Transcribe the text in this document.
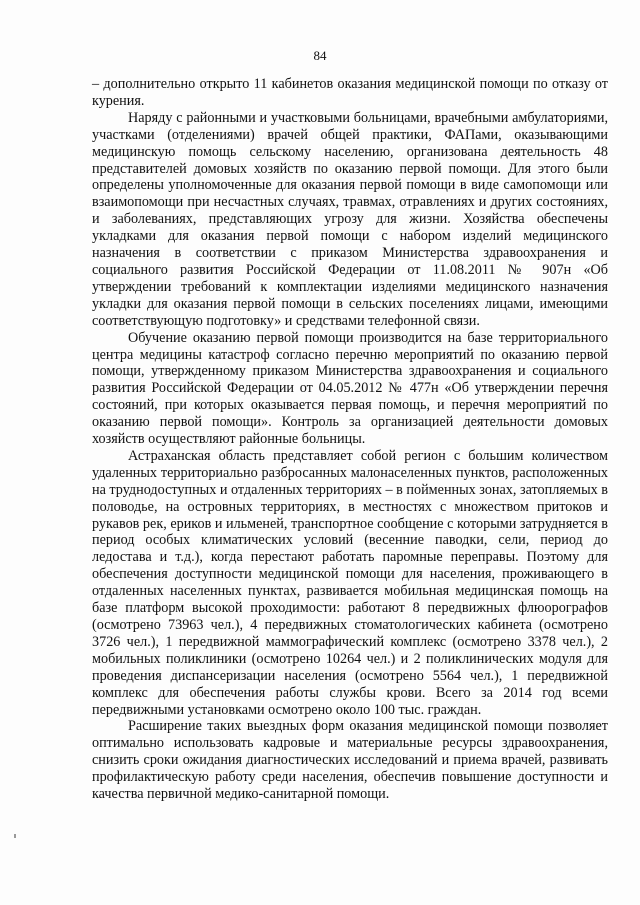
84

– дополнительно открыто 11 кабинетов оказания медицинской помощи по отказу от курения.

Наряду с районными и участковыми больницами, врачебными амбулаториями, участками (отделениями) врачей общей практики, ФАПами, оказывающими медицинскую помощь сельскому населению, организована деятельность 48 представителей домовых хозяйств по оказанию первой помощи. Для этого были определены уполномоченные для оказания первой помощи в виде самопомощи или взаимопомощи при несчастных случаях, травмах, отравлениях и других состояниях, и заболеваниях, представляющих угрозу для жизни. Хозяйства обеспечены укладками для оказания первой помощи с набором изделий медицинского назначения в соответствии с приказом Министерства здравоохранения и социального развития Российской Федерации от 11.08.2011 № 907н «Об утверждении требований к комплектации изделиями медицинского назначения укладки для оказания первой помощи в сельских поселениях лицами, имеющими соответствующую подготовку» и средствами телефонной связи.

Обучение оказанию первой помощи производится на базе территориального центра медицины катастроф согласно перечню мероприятий по оказанию первой помощи, утвержденному приказом Министерства здравоохранения и социального развития Российской Федерации от 04.05.2012 № 477н «Об утверждении перечня состояний, при которых оказывается первая помощь, и перечня мероприятий по оказанию первой помощи». Контроль за организацией деятельности домовых хозяйств осуществляют районные больницы.

Астраханская область представляет собой регион с большим количеством удаленных территориально разбросанных малонаселенных пунктов, расположенных на труднодоступных и отдаленных территориях – в пойменных зонах, затопляемых в половодье, на островных территориях, в местностях с множеством притоков и рукавов рек, ериков и ильменей, транспортное сообщение с которыми затрудняется в период особых климатических условий (весенние паводки, сели, период до ледостава и т.д.), когда перестают работать паромные переправы. Поэтому для обеспечения доступности медицинской помощи для населения, проживающего в отдаленных населенных пунктах, развивается мобильная медицинская помощь на базе платформ высокой проходимости: работают 8 передвижных флюорографов (осмотрено 73963 чел.), 4 передвижных стоматологических кабинета (осмотрено 3726 чел.), 1 передвижной маммографический комплекс (осмотрено 3378 чел.), 2 мобильных поликлиники (осмотрено 10264 чел.) и 2 поликлинических модуля для проведения диспансеризации населения (осмотрено 5564 чел.), 1 передвижной комплекс для обеспечения работы службы крови. Всего за 2014 год всеми передвижными установками осмотрено около 100 тыс. граждан.

Расширение таких выездных форм оказания медицинской помощи позволяет оптимально использовать кадровые и материальные ресурсы здравоохранения, снизить сроки ожидания диагностических исследований и приема врачей, развивать профилактическую работу среди населения, обеспечив повышение доступности и качества первичной медико-санитарной помощи.
